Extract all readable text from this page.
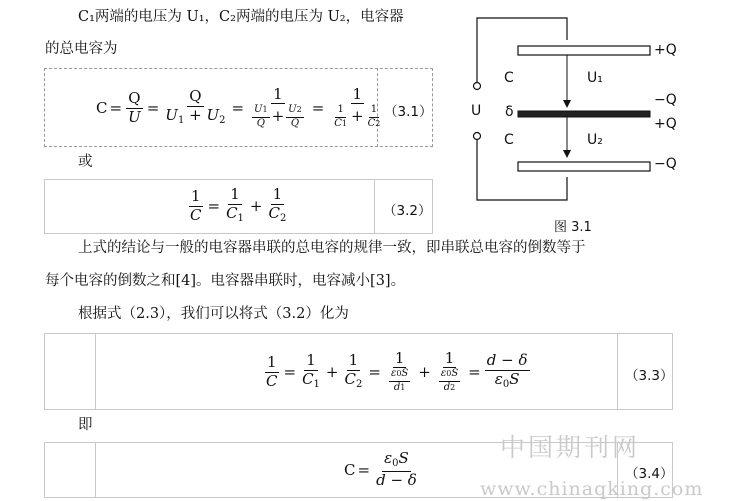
C₁两端的电压为 U₁，C₂两端的电压为 U₂，电容器
的总电容为
$C = \frac{Q}{U} = \frac{Q}{U_1 + U_2} = \frac{1}{\frac{U1}{Q} + \frac{U2}{Q}} = \frac{1}{\frac{1}{C1} + \frac{1}{C2}}$
（3.1）
或
$\frac{1}{C} = \frac{1}{C_1} + \frac{1}{C_2}$	（3.2）
+Q
C	U₁
U δ
−Q
+Q
C	U₂
−Q
图 3.1
上式的结论与一般的电容器串联的总电容的规律一致，即串联总电容的倒数等于
每个电容的倒数之和[4]。电容器串联时，电容减小[3]。
根据式（2.3），我们可以将式（3.2）化为
$\frac{1}{C} = \frac{1}{C_1} + \frac{1}{C_2} = \frac{1}{\frac{\varepsilon 0S}{d1}} + \frac{1}{\frac{\varepsilon 0S}{d2}} = \frac{d - \delta}{\varepsilon_0S}$	（3.3）
即
$C = \frac{\varepsilon_0S}{d - \delta}$	（3.4）
中国期刊网
www.chinaqking.com
